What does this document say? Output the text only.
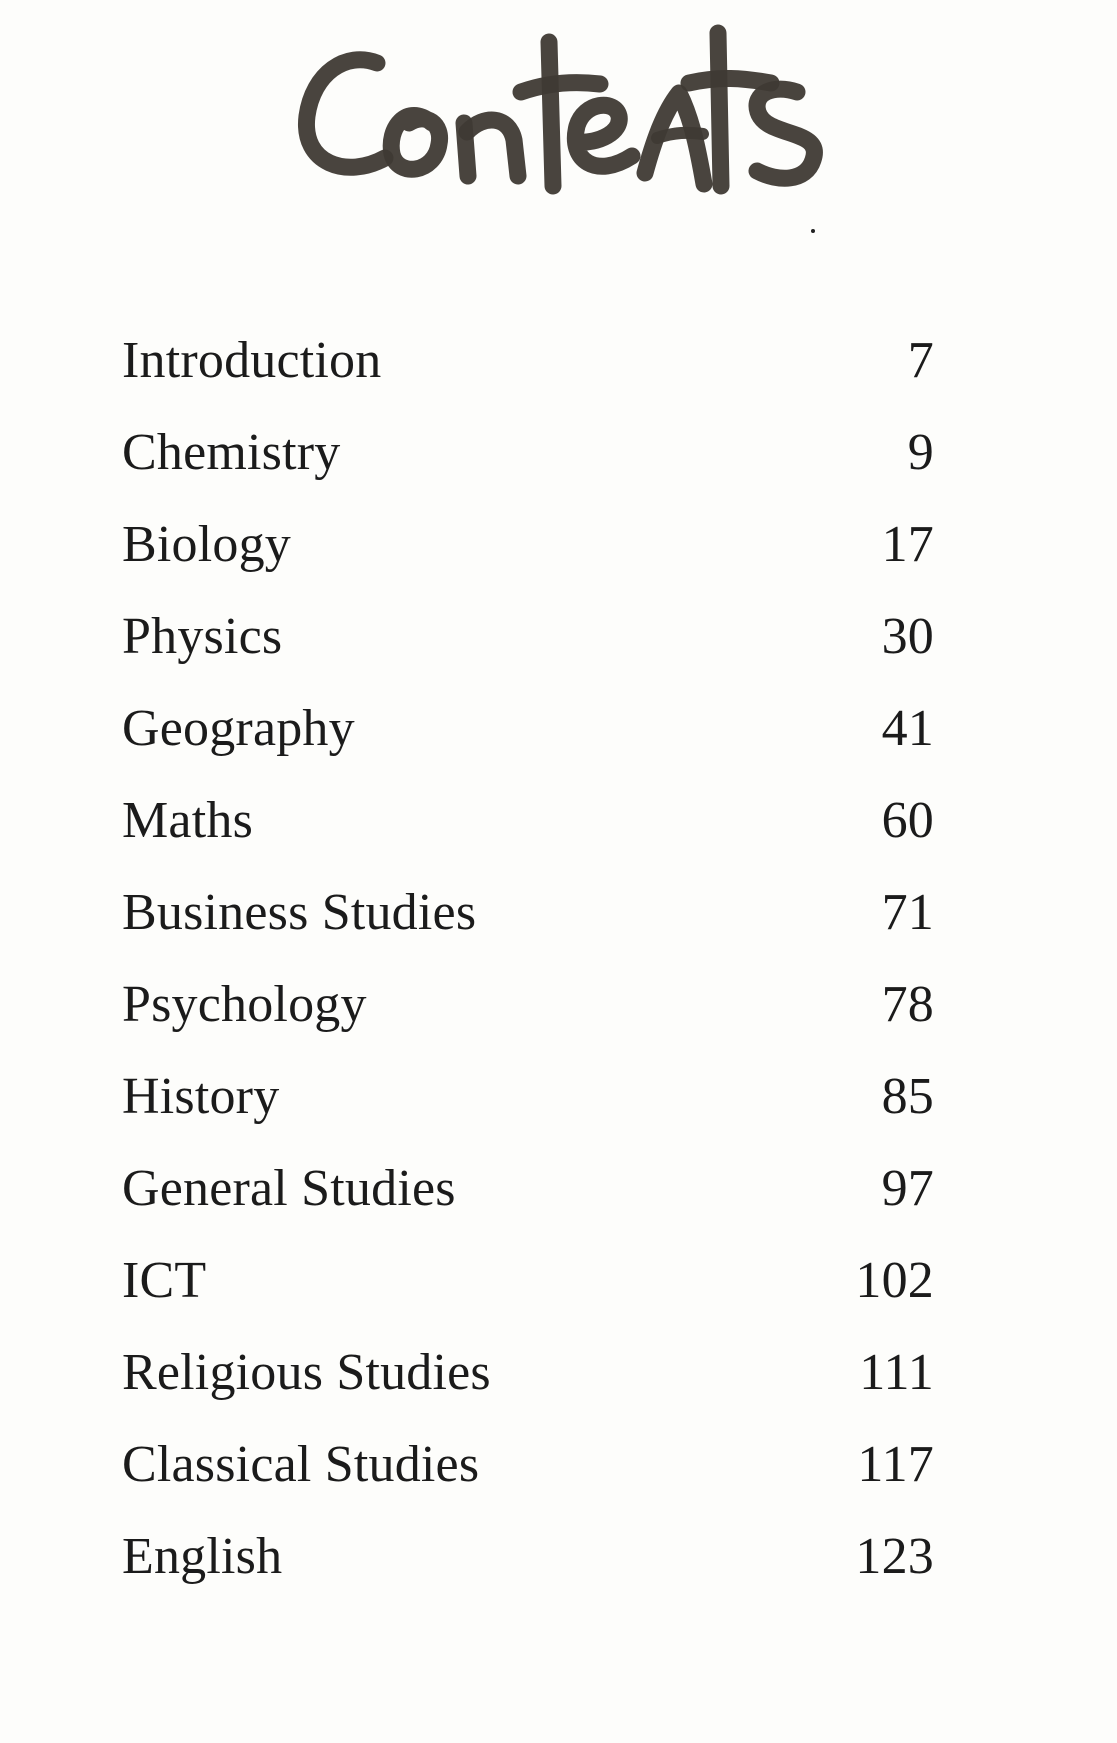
Introduction	7
Chemistry	9
Biology	17
Physics	30
Geography	41
Maths	60
Business Studies	71
Psychology	78
History	85
General Studies	97
ICT	102
Religious Studies	111
Classical Studies	117
English	123
